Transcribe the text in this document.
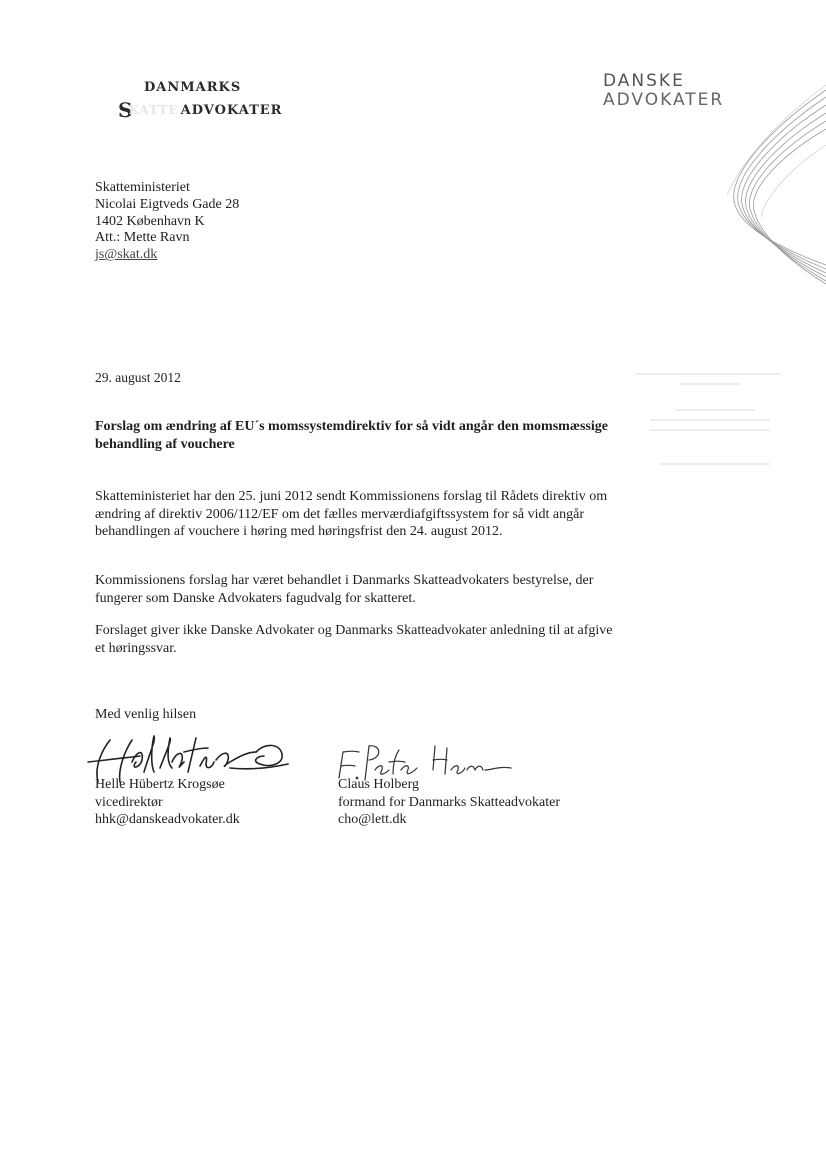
DANMARKS
SKATTE ADVOKATER
DANSKE
ADVOKATER
Skatteministeriet
Nicolai Eigtveds Gade 28
1402 København K
Att.: Mette Ravn
js@skat.dk
29. august 2012
Forslag om ændring af EU´s momssystemdirektiv for så vidt angår den momsmæssige behandling af vouchere
Skatteministeriet har den 25. juni 2012 sendt Kommissionens forslag til Rådets direktiv om ændring af direktiv 2006/112/EF om det fælles merværdiafgiftssystem for så vidt angår behandlingen af vouchere i høring med høringsfrist den 24. august 2012.
Kommissionens forslag har været behandlet i Danmarks Skatteadvokaters bestyrelse, der fungerer som Danske Advokaters fagudvalg for skatteret.
Forslaget giver ikke Danske Advokater og Danmarks Skatteadvokater anledning til at afgive et høringssvar.
Med venlig hilsen
Helle Hübertz Krogsøe
vicedirektør
hhk@danskeadvokater.dk
Claus Holberg
formand for Danmarks Skatteadvokater
cho@lett.dk
